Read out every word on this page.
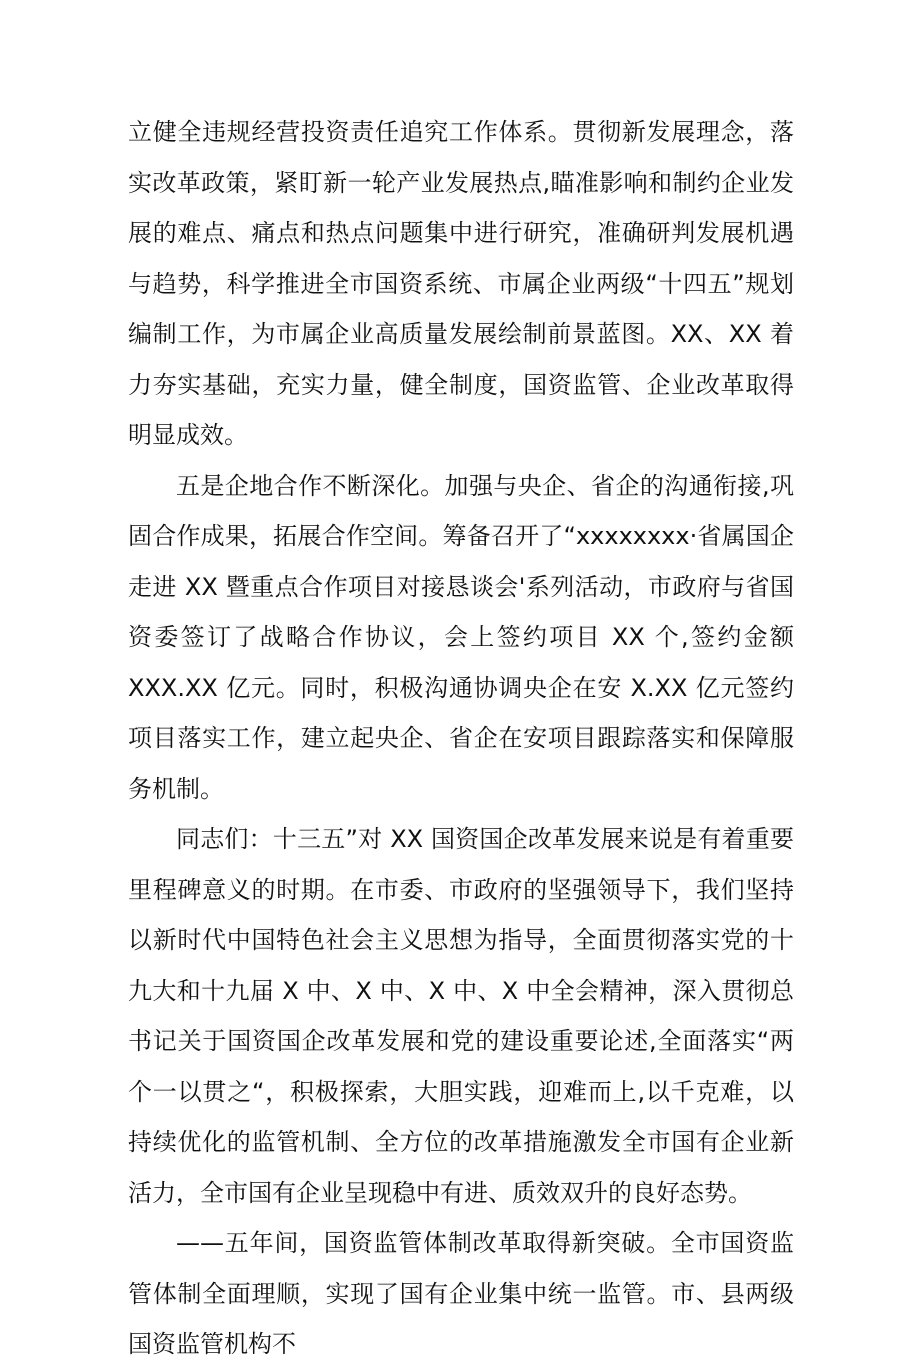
立健全违规经营投资责任追究工作体系。贯彻新发展理念，落实改革政策，紧盯新一轮产业发展热点,瞄准影响和制约企业发展的难点、痛点和热点问题集中进行研究，准确研判发展机遇与趋势，科学推进全市国资系统、市属企业两级“十四五”规划编制工作，为市属企业高质量发展绘制前景蓝图。XX、XX 着力夯实基础，充实力量，健全制度，国资监管、企业改革取得明显成效。

五是企地合作不断深化。加强与央企、省企的沟通衔接,巩固合作成果，拓展合作空间。筹备召开了“xxxxxxxx·省属国企走进 XX 暨重点合作项目对接恳谈会'系列活动，市政府与省国资委签订了战略合作协议，会上签约项目 XX 个,签约金额 XXX.XX 亿元。同时，积极沟通协调央企在安 X.XX 亿元签约项目落实工作，建立起央企、省企在安项目跟踪落实和保障服务机制。

同志们：十三五”对 XX 国资国企改革发展来说是有着重要里程碑意义的时期。在市委、市政府的坚强领导下，我们坚持以新时代中国特色社会主义思想为指导，全面贯彻落实党的十九大和十九届 X 中、X 中、X 中、X 中全会精神，深入贯彻总书记关于国资国企改革发展和党的建设重要论述,全面落实“两个一以贯之“，积极探索，大胆实践，迎难而上,以千克难，以持续优化的监管机制、全方位的改革措施激发全市国有企业新活力，全市国有企业呈现稳中有进、质效双升的良好态势。

——五年间，国资监管体制改革取得新突破。全市国资监管体制全面理顺，实现了国有企业集中统一监管。市、县两级国资监管机构不
